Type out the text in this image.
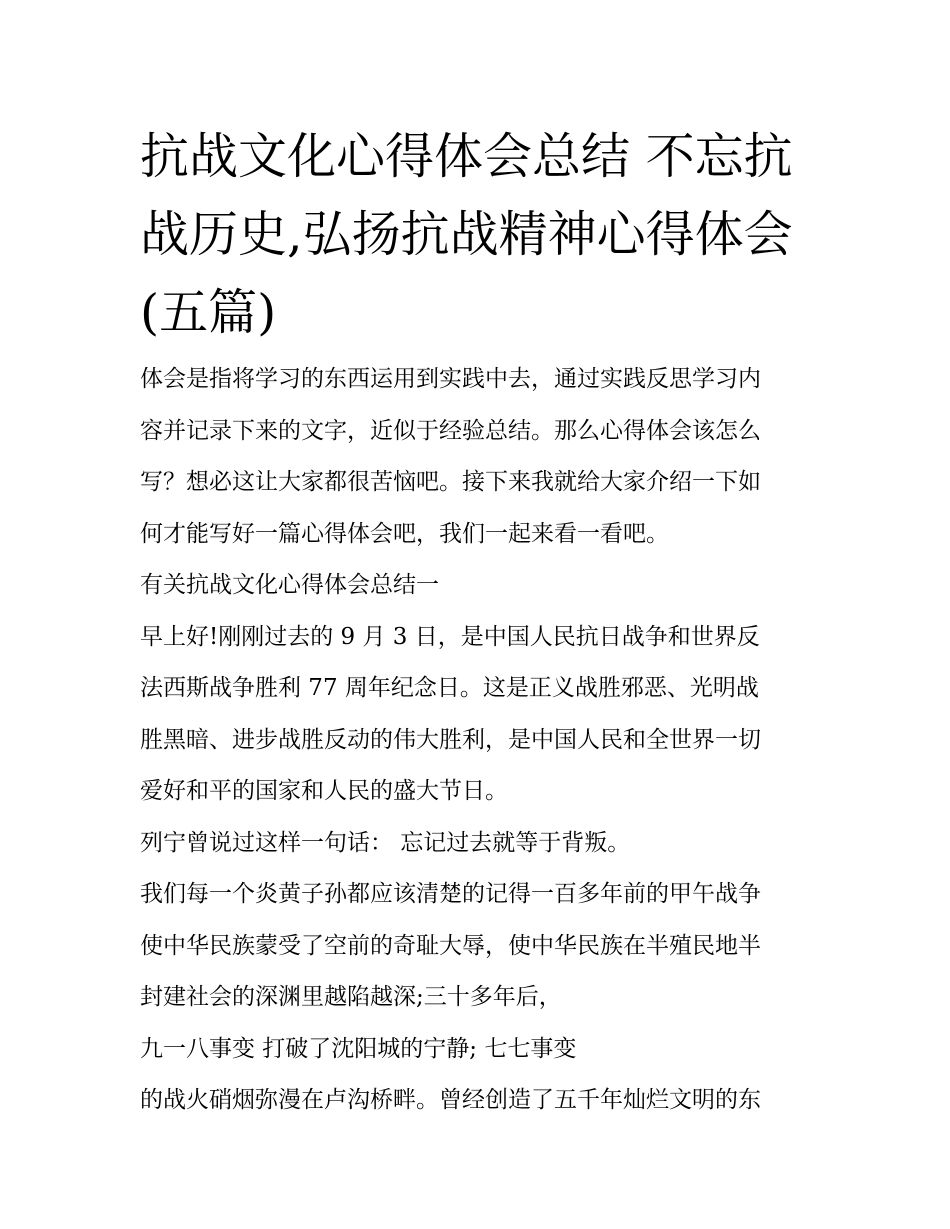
抗战文化心得体会总结 不忘抗
战历史,弘扬抗战精神心得体会
(五篇)
体会是指将学习的东西运用到实践中去，通过实践反思学习内
容并记录下来的文字，近似于经验总结。那么心得体会该怎么
写？想必这让大家都很苦恼吧。接下来我就给大家介绍一下如
何才能写好一篇心得体会吧，我们一起来看一看吧。
有关抗战文化心得体会总结一
早上好!刚刚过去的 9 月 3 日，是中国人民抗日战争和世界反
法西斯战争胜利 77 周年纪念日。这是正义战胜邪恶、光明战
胜黑暗、进步战胜反动的伟大胜利，是中国人民和全世界一切
爱好和平的国家和人民的盛大节日。
列宁曾说过这样一句话： 忘记过去就等于背叛。
我们每一个炎黄子孙都应该清楚的记得一百多年前的甲午战争
使中华民族蒙受了空前的奇耻大辱，使中华民族在半殖民地半
封建社会的深渊里越陷越深;三十多年后，
九一八事变 打破了沈阳城的宁静; 七七事变
的战火硝烟弥漫在卢沟桥畔。曾经创造了五千年灿烂文明的东
